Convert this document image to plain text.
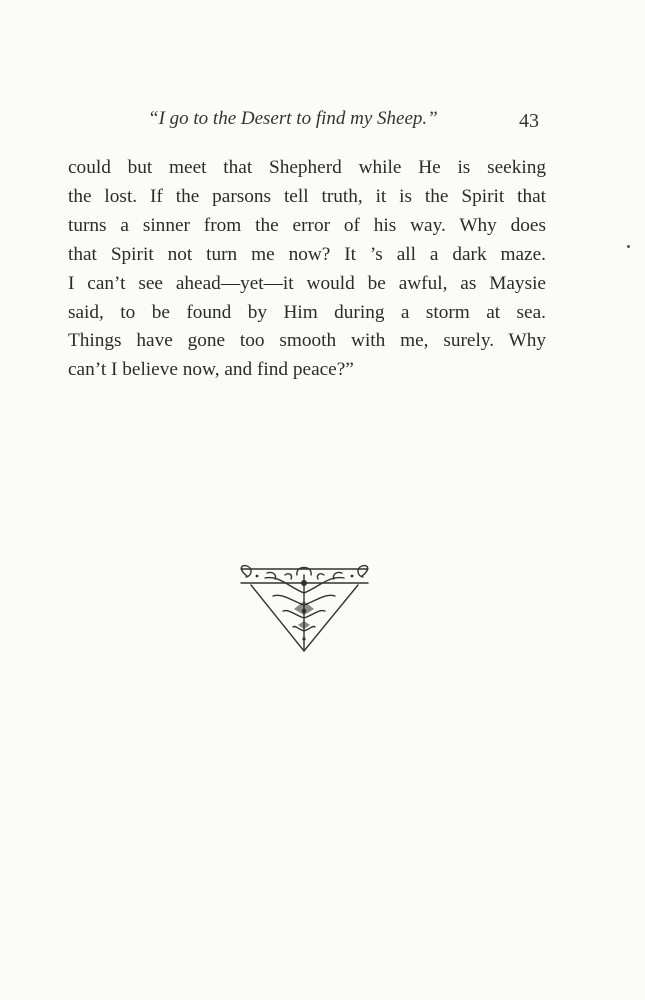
“I go to the Desert to find my Sheep.”	43
could but meet that Shepherd while He is seeking
the lost. If the parsons tell truth, it is the Spirit that
turns a sinner from the error of his way. Why does
that Spirit not turn me now? It ’s all a dark maze.
I can’t see ahead—yet—it would be awful, as Maysie
said, to be found by Him during a storm at sea.
Things have gone too smooth with me, surely. Why
can’t I believe now, and find peace?”
